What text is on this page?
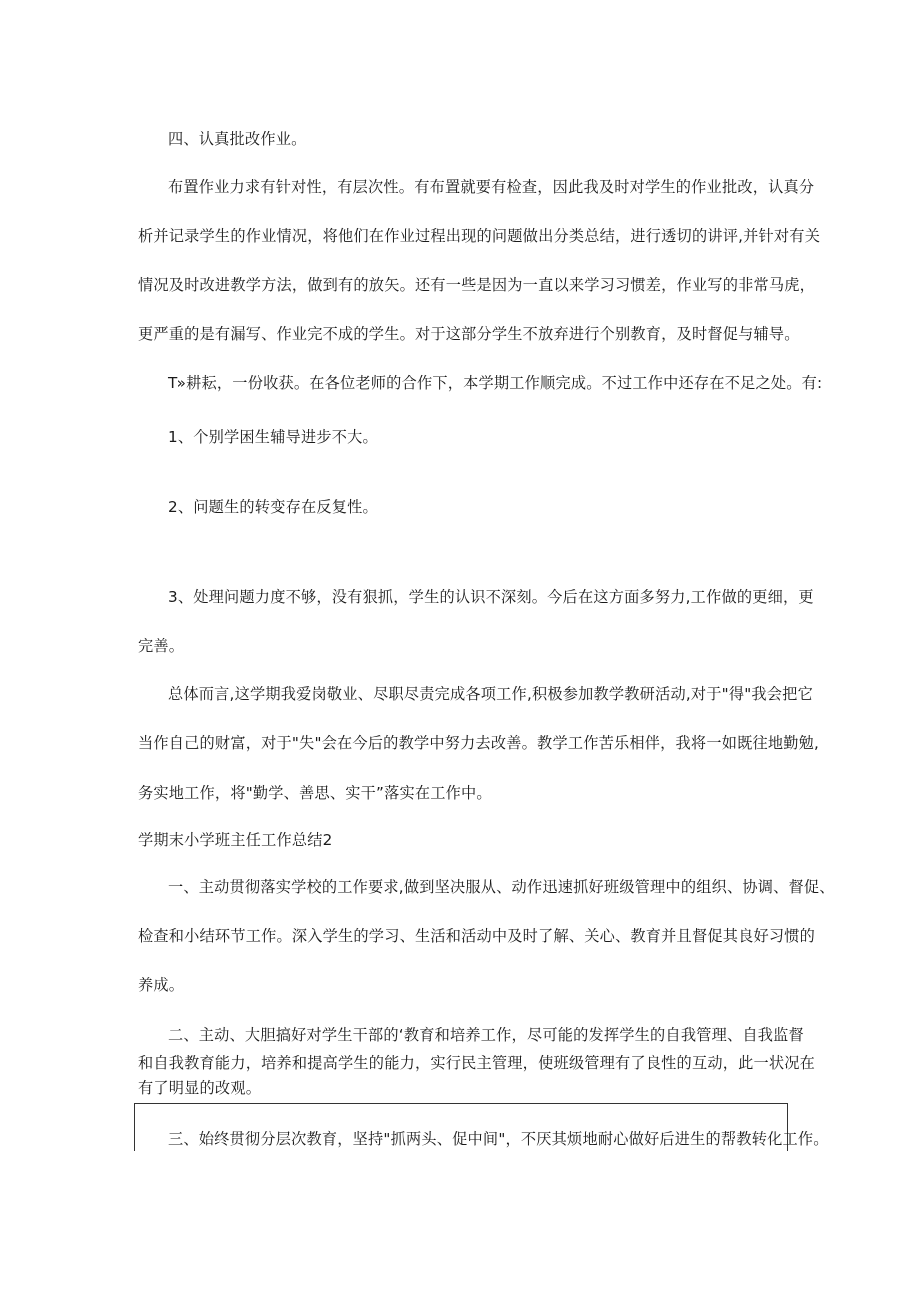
四、认真批改作业。
布置作业力求有针对性，有层次性。有布置就要有检查，因此我及时对学生的作业批改，认真分
析并记录学生的作业情况，将他们在作业过程出现的问题做出分类总结，进行透切的讲评,并针对有关
情况及时改进教学方法，做到有的放矢。还有一些是因为一直以来学习习惯差，作业写的非常马虎，
更严重的是有漏写、作业完不成的学生。对于这部分学生不放弃进行个别教育，及时督促与辅导。
T»耕耘，一份收获。在各位老师的合作下，本学期工作顺完成。不过工作中还存在不足之处。有:
1、个别学困生辅导进步不大。
2、问题生的转变存在反复性。
3、处理问题力度不够，没有狠抓，学生的认识不深刻。今后在这方面多努力,工作做的更细，更
完善。
总体而言,这学期我爱岗敬业、尽职尽责完成各项工作,积极参加教学教研活动,对于"得"我会把它
当作自己的财富，对于"失"会在今后的教学中努力去改善。教学工作苦乐相伴，我将一如既往地勤勉,
务实地工作，将"勤学、善思、实干”落实在工作中。
学期末小学班主任工作总结2
一、主动贯彻落实学校的工作要求,做到坚决服从、动作迅速抓好班级管理中的组织、协调、督促、
检查和小结环节工作。深入学生的学习、生活和活动中及时了解、关心、教育并且督促其良好习惯的
养成。
二、主动、大胆搞好对学生干部的‘教育和培养工作，尽可能的发挥学生的自我管理、自我监督
和自我教育能力，培养和提高学生的能力，实行民主管理，使班级管理有了良性的互动，此一状况在
有了明显的改观。
三、始终贯彻分层次教育，坚持"抓两头、促中间"，不厌其烦地耐心做好后进生的帮教转化工作。
